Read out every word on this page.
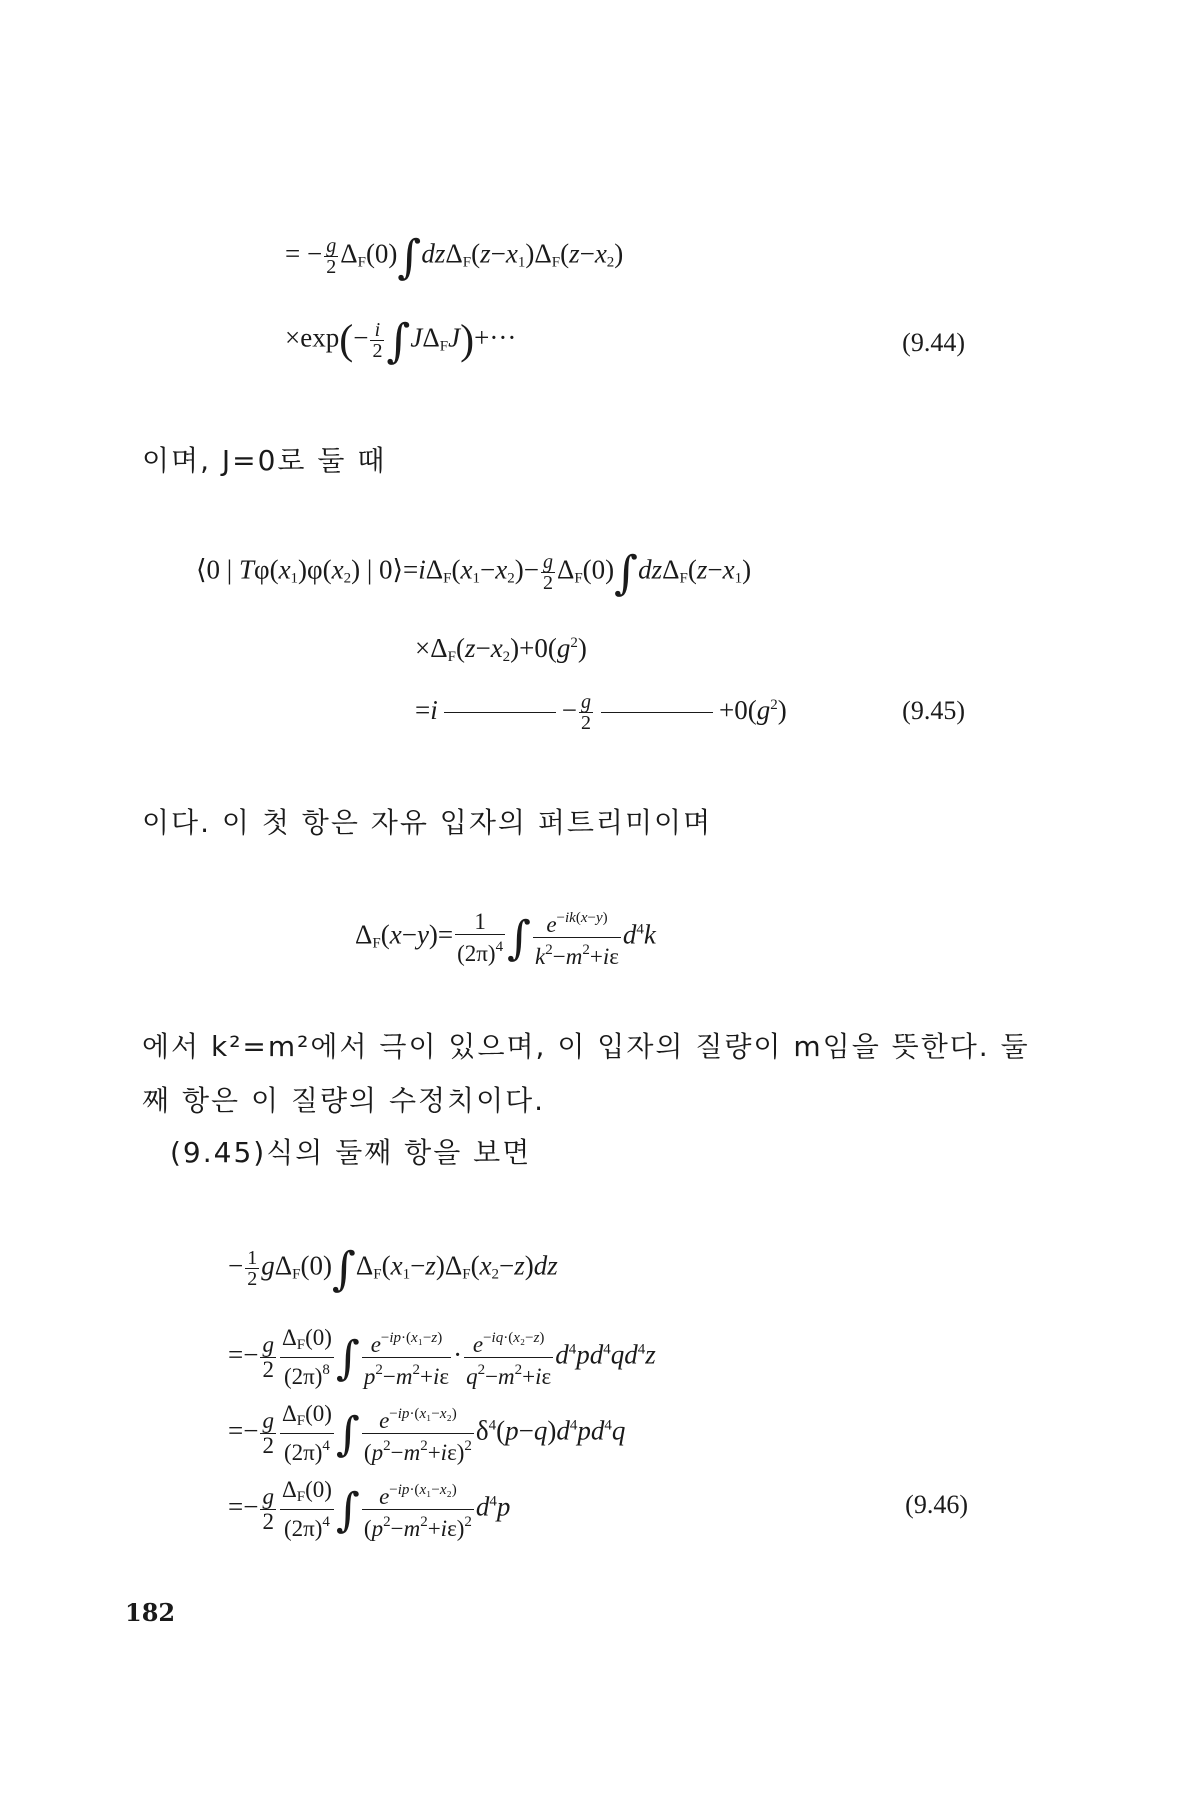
= − $\frac{g}{2} \Delta_F(0)\int dz\Delta_F(z-x_1)\Delta_F(z-x_2)$
$\times\exp(- \frac{i}{2} \int J\Delta_FJ)+\cdot\cdot\cdot$	(9.44)
이며, J=0로 둘 때
⟨0 | $T\varphi(x_1)\varphi(x_2)$ | $0⟩=i\Delta_F(x_1-x_2)- \frac{g}{2} \Delta_F(0)\int dz\Delta_F(z-x_1)$
$\times\Delta_F(z-x_2)+0(g^2)$
=i	− $\frac{g}{2}$	$+0(g^2)$	(9.45)
이다. 이 첫 항은 자유 입자의 퍼트리미이며
$\Delta_F(x-y)= \frac{1}{(2\pi)^4}$ ∫ $\frac{e^{-ik(x-y)}}{k^2-m^2+i\varepsilon} d^4k$
에서 k²=m²에서 극이 있으며, 이 입자의 질량이 m임을 뜻한다. 둘
째 항은 이 질량의 수정치이다.
(9.45)식의 둘째 항을 보면
− $\frac{1}{2} g\Delta_F(0)\int\Delta_F(x_1-z)\Delta_F(x_2-z)dz$
=− $\frac{g}{2} \frac{\Delta_F(0)}{(2\pi)^8}$ ∫ $\frac{e^{-ip\cdot(x_1-z)}}{p^2-m^2+i\varepsilon} \cdot \frac{e^{-iq\cdot(x_2-z)}}{q^2-m^2+i\varepsilon} d^4pd^4qd^4z$
=− $\frac{g}{2} \frac{\Delta_F(0)}{(2\pi)^4}$ ∫ $\frac{e^{-ip\cdot(x_1-x_2)}}{(p^2-m^2+i\varepsilon)^2} \delta^4(p-q)d^4pd^4q$
=− $\frac{g}{2} \frac{\Delta_F(0)}{(2\pi)^4}$ ∫ $\frac{e^{-ip\cdot(x_1-x_2)}}{(p^2-m^2+i\varepsilon)^2} d^4p$	(9.46)
182
